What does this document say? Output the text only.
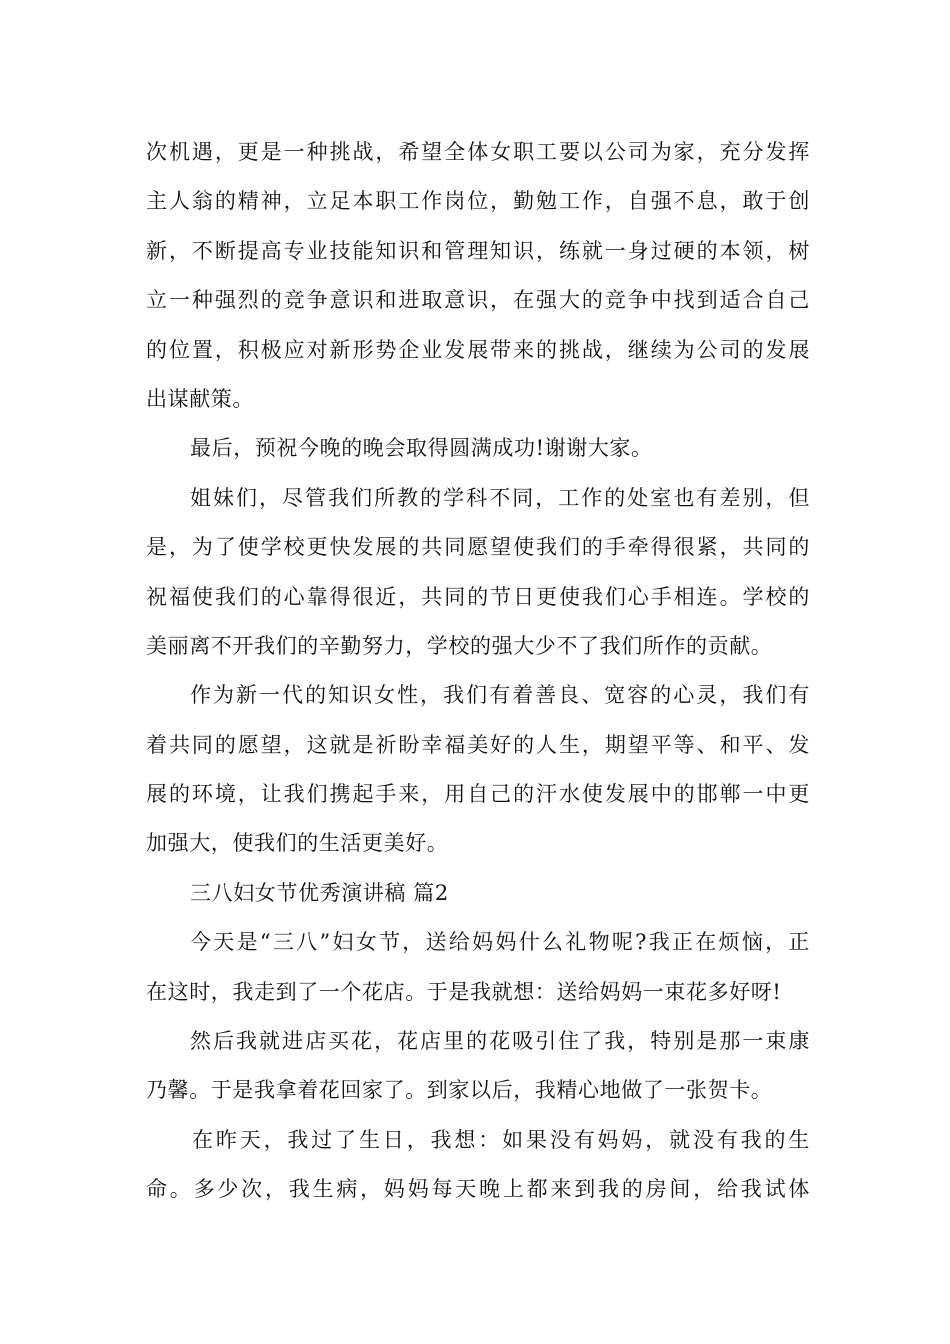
次机遇，更是一种挑战，希望全体女职工要以公司为家，充分发挥
主人翁的精神，立足本职工作岗位，勤勉工作，自强不息，敢于创
新，不断提高专业技能知识和管理知识，练就一身过硬的本领，树
立一种强烈的竞争意识和进取意识，在强大的竞争中找到适合自己
的位置，积极应对新形势企业发展带来的挑战，继续为公司的发展
出谋献策。
最后，预祝今晚的晚会取得圆满成功!谢谢大家。
姐妹们，尽管我们所教的学科不同，工作的处室也有差别，但
是，为了使学校更快发展的共同愿望使我们的手牵得很紧，共同的
祝福使我们的心靠得很近，共同的节日更使我们心手相连。学校的
美丽离不开我们的辛勤努力，学校的强大少不了我们所作的贡献。
作为新一代的知识女性，我们有着善良、宽容的心灵，我们有
着共同的愿望，这就是祈盼幸福美好的人生，期望平等、和平、发
展的环境，让我们携起手来，用自己的汗水使发展中的邯郸一中更
加强大，使我们的生活更美好。
三八妇女节优秀演讲稿 篇2
今天是“三八”妇女节，送给妈妈什么礼物呢?我正在烦恼，正
在这时，我走到了一个花店。于是我就想：送给妈妈一束花多好呀!
然后我就进店买花，花店里的花吸引住了我，特别是那一束康
乃馨。于是我拿着花回家了。到家以后，我精心地做了一张贺卡。
在昨天，我过了生日，我想：如果没有妈妈，就没有我的生
命。多少次，我生病，妈妈每天晚上都来到我的房间，给我试体
